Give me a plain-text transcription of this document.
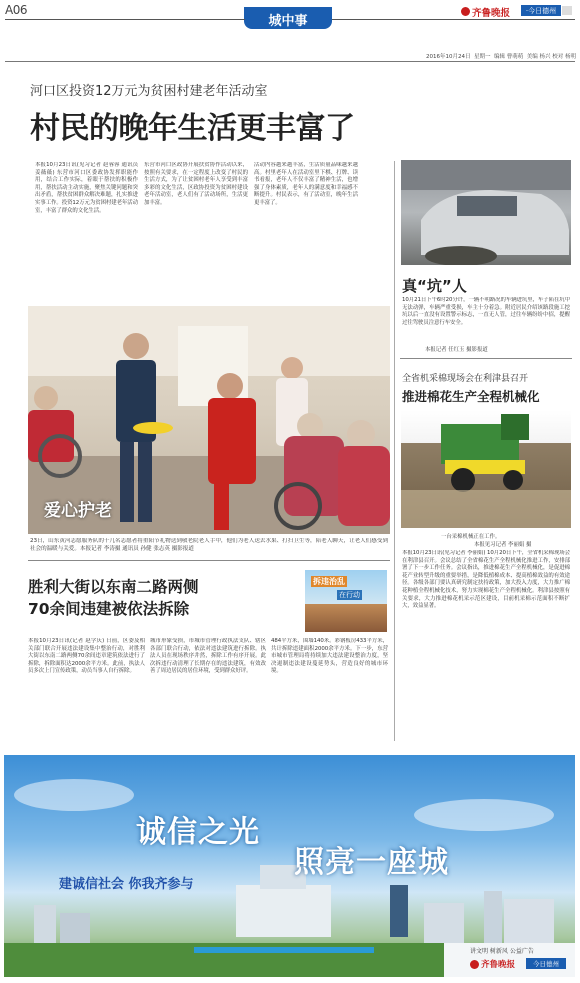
A06
城中事
齐鲁晚报	·今日德州
2016年10月24日 星期一 编辑 曹萌萌 美编 杨兴 校对 杨明
河口区投资12万元为贫困村建老年活动室
村民的晚年生活更丰富了
本报10月23日讯(见习记者 赵蓉蓉 通讯员 姜薇薇) 东营市河口区委政协发挥职能作用，结合工作实际，着眼于帮扶的积极作用，帮扶活动主动实施，聚焦关键问题和突出矛盾，帮扶贫困群众解决难题，扎实推进实事工作。投资12万元为贫困村建老年活动室，丰富了群众的文化生活。
东营市河口区政协开展扶贫协作活动以来，按照有关要求，在一定程度上改变了村民的生活方式，为了让贫困村老年人享受到丰富多彩的文化生活，区政协投资为贫困村建设老年活动室，老人们有了活动场所，生活更加丰富。
活动内容越来越丰富，生活质量品味越来越高。村里老年人在活动室里下棋、打牌、读书看报，老年人不仅丰富了精神生活，也增强了身体素质，老年人的满意度和幸福感不断提升。村民表示，有了活动室，晚年生活更丰富了。
爱心护老
23日，山东黄河志愿服务队的十几名志愿者将重阳节礼物送到敬老院老人手中，他们为老人送去水果、打扫卫生等，陪老人聊天，让老人们感受到社会的温暖与关爱。本报记者 李涛摄 通讯员 孙健 张志英 摄影报道
胜利大街以东南二路两侧
70余间违建被依法拆除
拆违治乱
在行动
本报10月23日讯(记者 赵学庆) 日前，区委及相关部门联合开展违法建设集中整治行动，对胜利大街以东南二路两侧70余间违章建筑依法进行了拆除，拆除面积达2000余平方米。此前，执法人员多次上门宣传政策，动员当事人自行拆除。
城市形象受损，市城市管理行政执法支队、辖区各部门联合行动，依法对违法建筑进行拆除。执法人员在现场秩序井然，拆除工作有序开展。此次拆违行动清理了长期存在的违法建筑，有效改善了周边居民的居住环境，受到群众好评。
484平方米，围墙140米。彩钢板房433平方米，共计拆除违建面积2000余平方米。下一步，东营市城市管理局将持续加大违法建设整治力度，坚决遏制违法建设蔓延势头，营造良好的城市环境。
真“坑”人
10月21日下午6时20分许，一辆不明路况的车辆进坑里，车子陷在坑中无法动弹，车辆严重受损，车主十分着急。附近居民介绍该路段施工挖坑以后一直没有设置警示标志，一直无人管，过往车辆纷纷中招，提醒过往驾驶员注意行车安全。
本报记者 任红玉 摄影报道
全省机采棉现场会在利津县召开
推进棉花生产全程机械化
一台采棉机械正在工作。
本报见习记者 李丽娟 摄
本报10月23日讯(见习记者 李丽娟) 10月20日下午，全省机采棉现场会在利津县召开。会议总结了全省棉花生产全程机械化推进工作，安排部署了下一步工作任务。会议指出，推进棉花生产全程机械化，是促进棉花产业转型升级的重要举措，是降低植棉成本、提高植棉效益的有效途径。各级各部门要认真研究制定扶持政策，加大投入力度，大力推广棉花种植全程机械化技术，努力实现棉花生产全程机械化。利津县按照有关要求，大力推进棉花机采示范区建设，目前机采棉示范面积不断扩大，效益显著。
诚信之光
照亮一座城
建诚信社会 你我齐参与
讲文明 树新风 公益广告
齐鲁晚报	今日德州
